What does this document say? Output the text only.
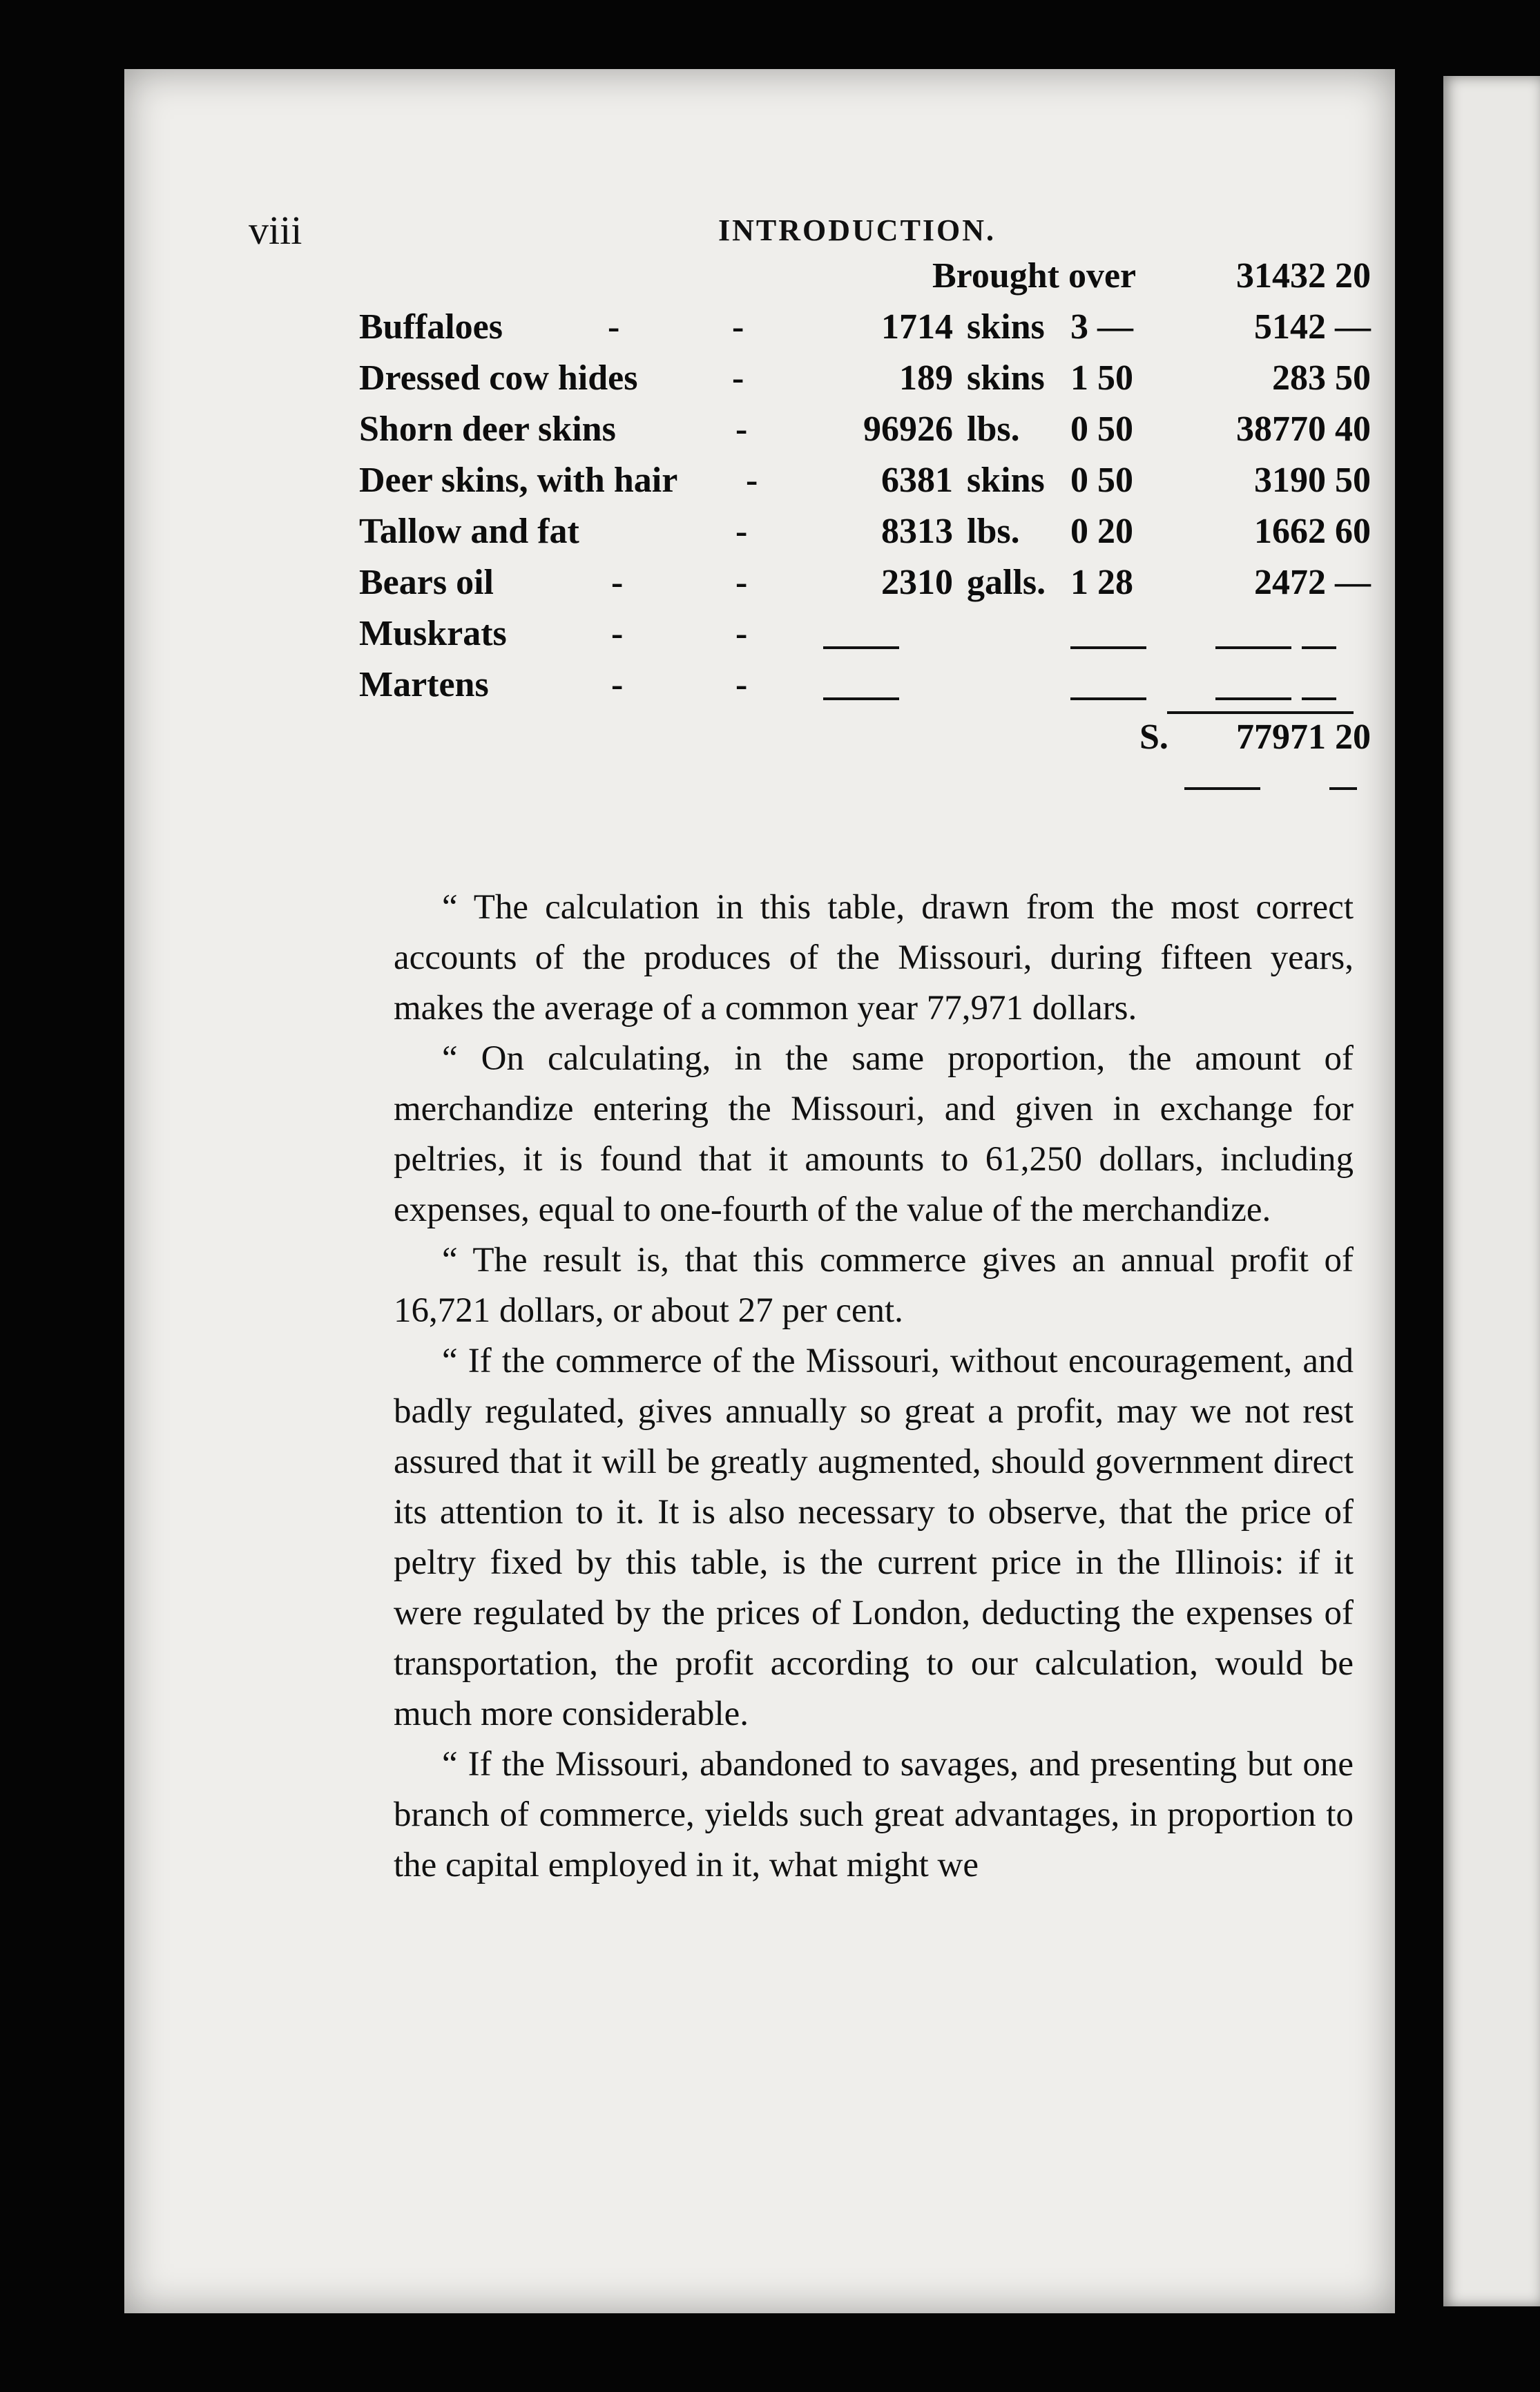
viii	INTRODUCTION.
Brought over	31432 20
Buffaloes	-	-	1714 skins 3 —	5142 —
Dressed cow hides	-	189 skins 1 50	283 50
Shorn deer skins	-	96926 lbs. 0 50	38770 40
Deer skins, with hair -	6381 skins 0 50	3190 50
Tallow and fat	-	8313 lbs. 0 20	1662 60
Bears oil	-	-	2310 galls. 1 28	2472 —
Muskrats	-	-
Martens	-	-
S.	77971 20

“ The calculation in this table, drawn from the most correct accounts of the produces of the Missouri, during fifteen years, makes the average of a common year 77,971 dollars.

“ On calculating, in the same proportion, the amount of merchandize entering the Missouri, and given in exchange for peltries, it is found that it amounts to 61,250 dollars, including expenses, equal to one-fourth of the value of the merchandize.

“ The result is, that this commerce gives an annual profit of 16,721 dollars, or about 27 per cent.

“ If the commerce of the Missouri, without encouragement, and badly regulated, gives annually so great a profit, may we not rest assured that it will be greatly augmented, should government direct its attention to it. It is also necessary to observe, that the price of peltry fixed by this table, is the current price in the Illinois: if it were regulated by the prices of London, deducting the expenses of transportation, the profit according to our calculation, would be much more considerable.

“ If the Missouri, abandoned to savages, and presenting but one branch of commerce, yields such great advantages, in proportion to the capital employed in it, what might we
